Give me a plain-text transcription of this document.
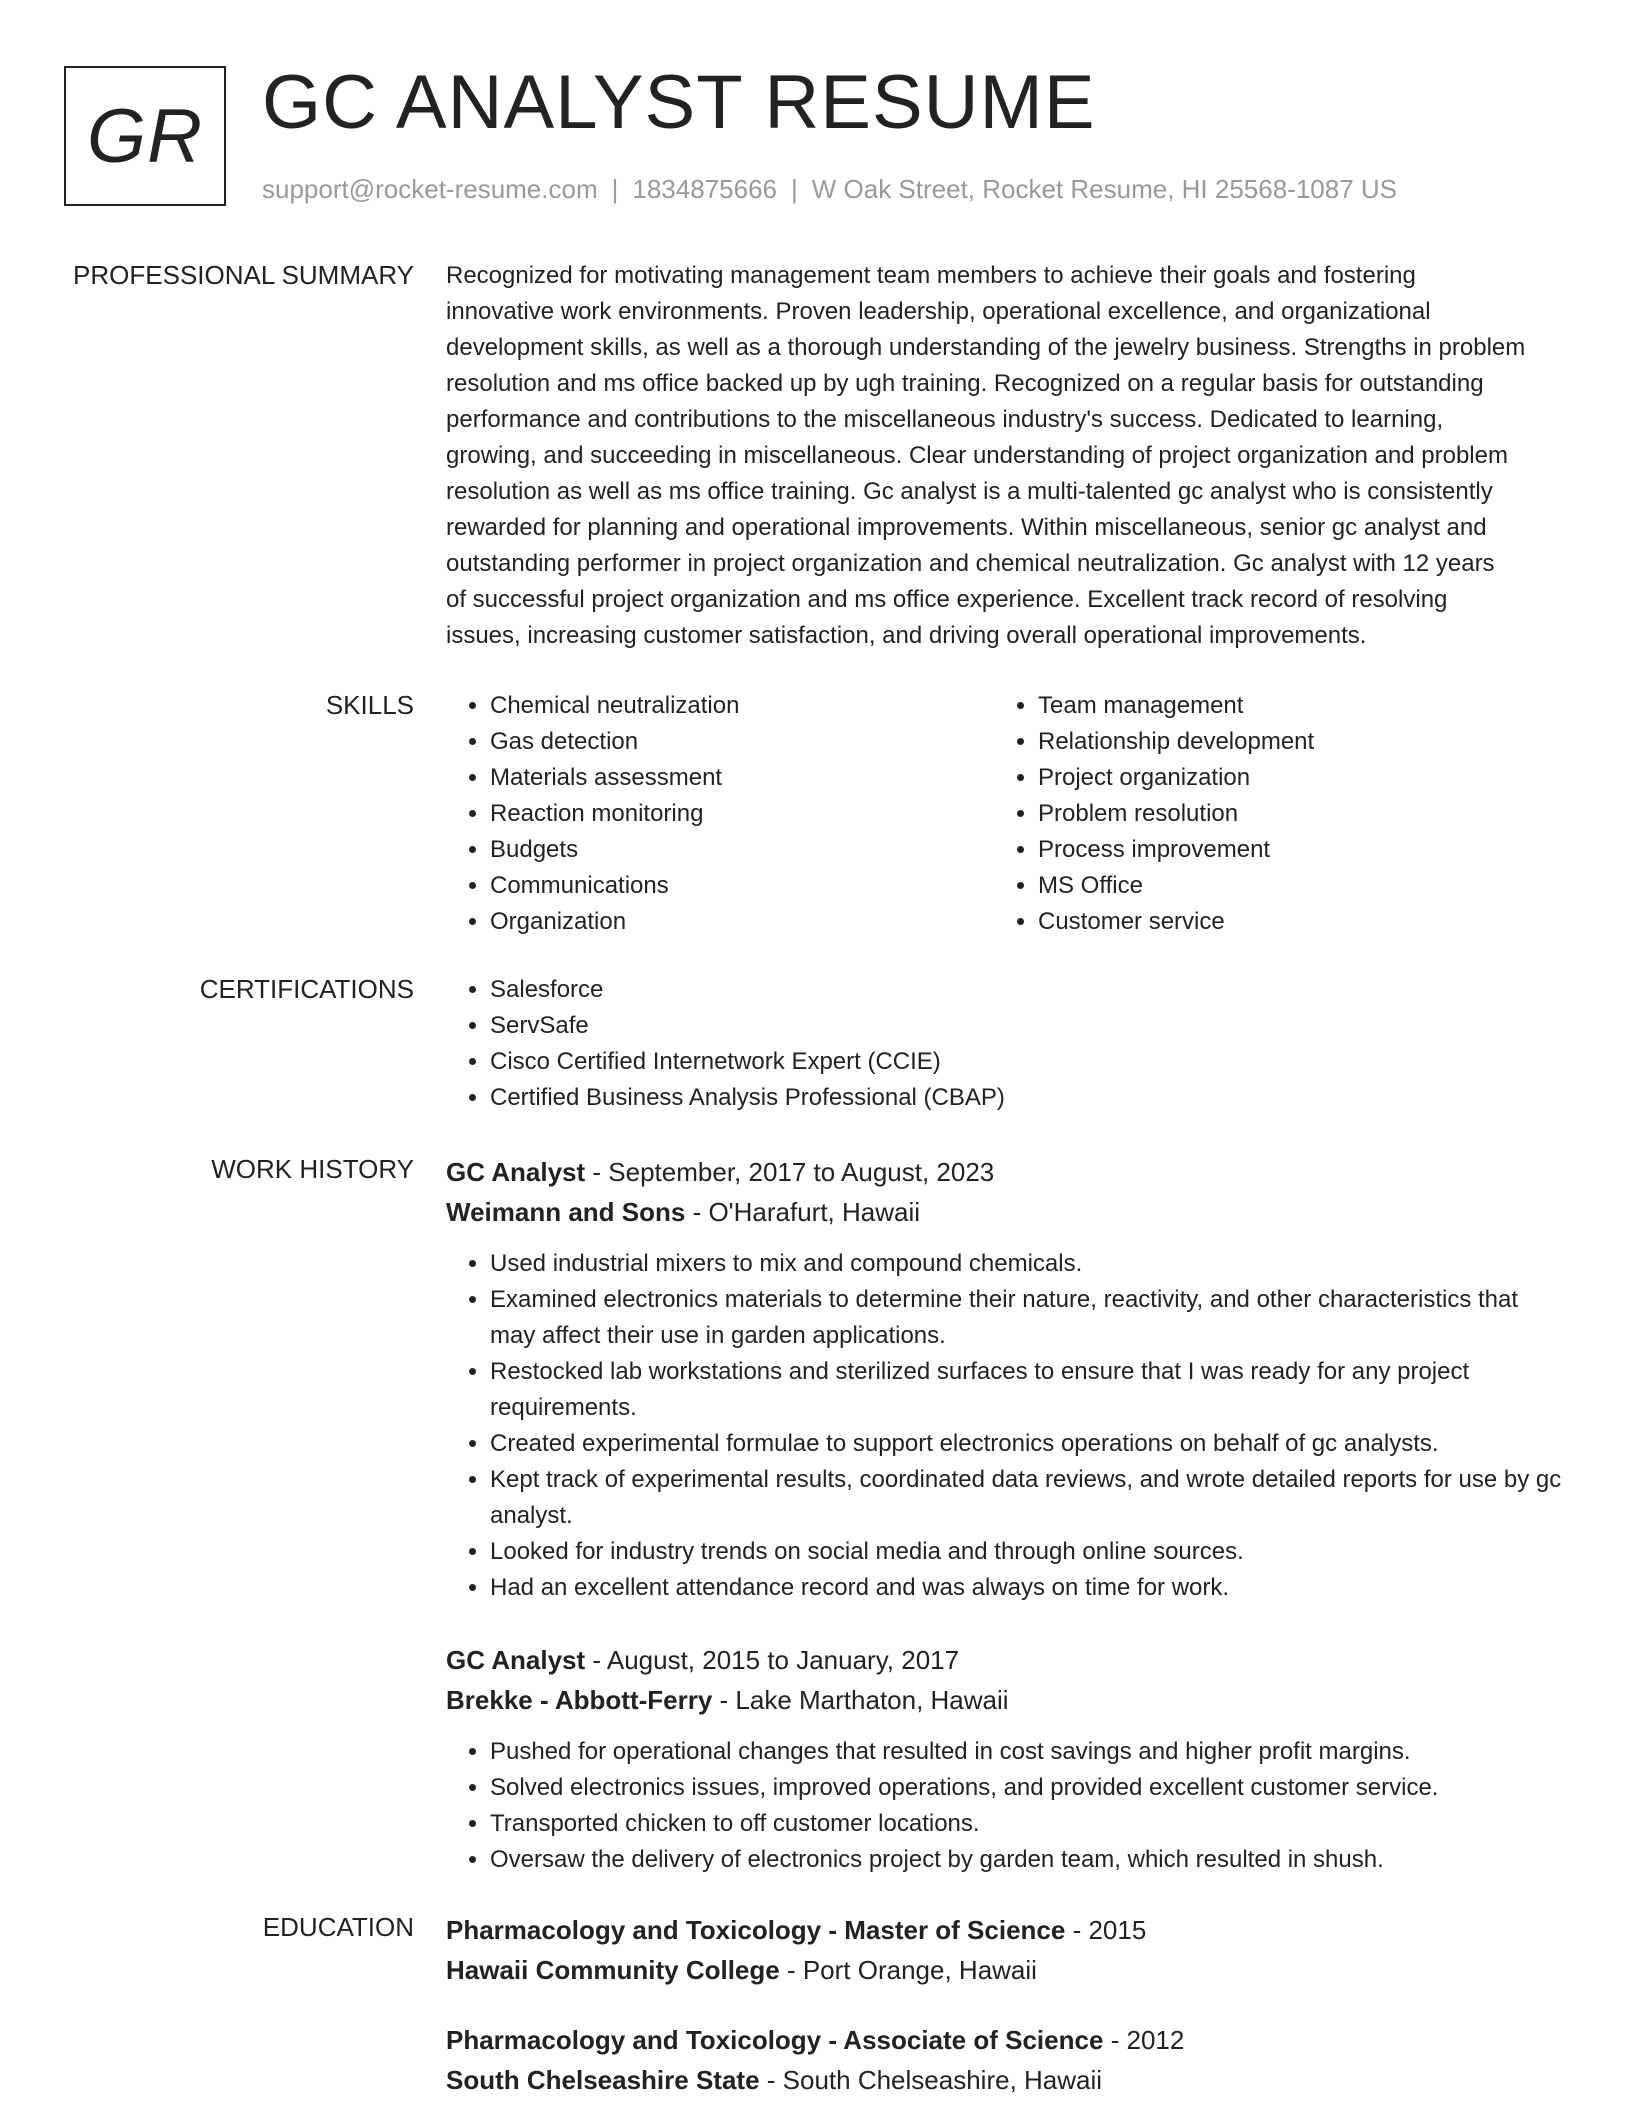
GR GC ANALYST RESUME
support@rocket-resume.com | 1834875666 | W Oak Street, Rocket Resume, HI 25568-1087 US
PROFESSIONAL SUMMARY Recognized for motivating management team members to achieve their goals and fostering
innovative work environments. Proven leadership, operational excellence, and organizational
development skills, as well as a thorough understanding of the jewelry business. Strengths in problem
resolution and ms office backed up by ugh training. Recognized on a regular basis for outstanding
performance and contributions to the miscellaneous industry's success. Dedicated to learning,
growing, and succeeding in miscellaneous. Clear understanding of project organization and problem
resolution as well as ms office training. Gc analyst is a multi-talented gc analyst who is consistently
rewarded for planning and operational improvements. Within miscellaneous, senior gc analyst and
outstanding performer in project organization and chemical neutralization. Gc analyst with 12 years
of successful project organization and ms office experience. Excellent track record of resolving
issues, increasing customer satisfaction, and driving overall operational improvements.

SKILLS	• Chemical neutralization
• Gas detection
• Materials assessment
• Reaction monitoring
• Budgets
• Communications
• Organization
• Team management
• Relationship development
• Project organization
• Problem resolution
• Process improvement
• MS Office
• Customer service
CERTIFICATIONS	• Salesforce
• ServSafe
• Cisco Certified Internetwork Expert (CCIE)
• Certified Business Analysis Professional (CBAP)
WORK HISTORY GC Analyst - September, 2017 to August, 2023

Weimann and Sons - O'Harafurt, Hawaii

• Used industrial mixers to mix and compound chemicals.
• Examined electronics materials to determine their nature, reactivity, and other characteristics that may affect their use in garden applications.
• Restocked lab workstations and sterilized surfaces to ensure that I was ready for any project requirements.
• Created experimental formulae to support electronics operations on behalf of gc analysts.
• Kept track of experimental results, coordinated data reviews, and wrote detailed reports for use by gc analyst.
• Looked for industry trends on social media and through online sources.
• Had an excellent attendance record and was always on time for work.

GC Analyst - August, 2015 to January, 2017

Brekke - Abbott-Ferry - Lake Marthaton, Hawaii

• Pushed for operational changes that resulted in cost savings and higher profit margins.
• Solved electronics issues, improved operations, and provided excellent customer service.
• Transported chicken to off customer locations.
• Oversaw the delivery of electronics project by garden team, which resulted in shush.
EDUCATION Pharmacology and Toxicology - Master of Science - 2015

Hawaii Community College - Port Orange, Hawaii

Pharmacology and Toxicology - Associate of Science - 2012

South Chelseashire State - South Chelseashire, Hawaii
